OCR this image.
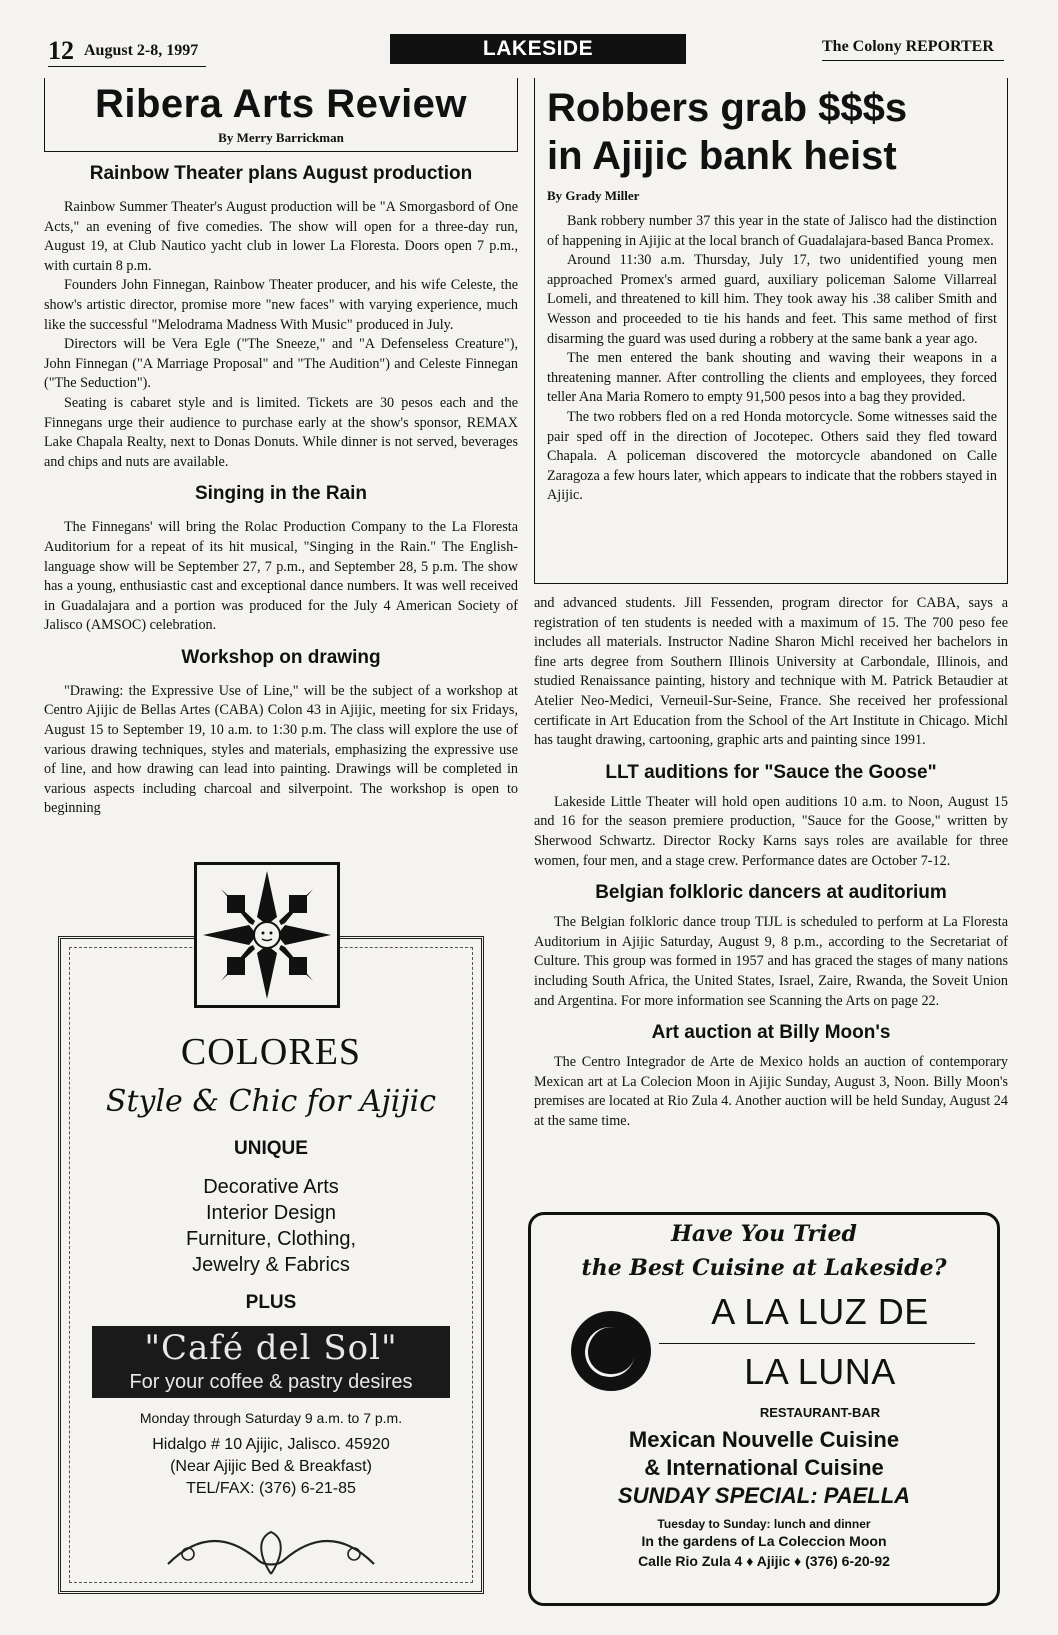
12 August 2-8, 1997	LAKESIDE	The Colony REPORTER
Ribera Arts Review
By Merry Barrickman
Rainbow Theater plans August production

Rainbow Summer Theater's August production will be "A Smorgasbord of One Acts," an evening of five comedies. The show will open for a three-day run, August 19, at Club Nautico yacht club in lower La Floresta. Doors open 7 p.m., with curtain 8 p.m.

Founders John Finnegan, Rainbow Theater producer, and his wife Celeste, the show's artistic director, promise more "new faces" with varying experience, much like the successful "Melodrama Madness With Music" produced in July.

Directors will be Vera Egle ("The Sneeze," and "A Defenseless Creature"), John Finnegan ("A Marriage Proposal" and "The Audition") and Celeste Finnegan ("The Seduction").

Seating is cabaret style and is limited. Tickets are 30 pesos each and the Finnegans urge their audience to purchase early at the show's sponsor, REMAX Lake Chapala Realty, next to Donas Donuts. While dinner is not served, beverages and chips and nuts are available.

Singing in the Rain

The Finnegans' will bring the Rolac Production Company to the La Floresta Auditorium for a repeat of its hit musical, "Singing in the Rain." The English-language show will be September 27, 7 p.m., and September 28, 5 p.m. The show has a young, enthusiastic cast and exceptional dance numbers. It was well received in Guadalajara and a portion was produced for the July 4 American Society of Jalisco (AMSOC) celebration.

Workshop on drawing

"Drawing: the Expressive Use of Line," will be the subject of a workshop at Centro Ajijic de Bellas Artes (CABA) Colon 43 in Ajijic, meeting for six Fridays, August 15 to September 19, 10 a.m. to 1:30 p.m. The class will explore the use of various drawing techniques, styles and materials, emphasizing the expressive use of line, and how drawing can lead into painting. Drawings will be completed in various aspects including charcoal and silverpoint. The workshop is open to beginning

Robbers grab $$$s
in Ajijic bank heist
By Grady Miller

Bank robbery number 37 this year in the state of Jalisco had the distinction of happening in Ajijic at the local branch of Guadalajara-based Banca Promex.

Around 11:30 a.m. Thursday, July 17, two unidentified young men approached Promex's armed guard, auxiliary policeman Salome Villarreal Lomeli, and threatened to kill him. They took away his .38 caliber Smith and Wesson and proceeded to tie his hands and feet. This same method of first disarming the guard was used during a robbery at the same bank a year ago.

The men entered the bank shouting and waving their weapons in a threatening manner. After controlling the clients and employees, they forced teller Ana Maria Romero to empty 91,500 pesos into a bag they provided.

The two robbers fled on a red Honda motorcycle. Some witnesses said the pair sped off in the direction of Jocotepec. Others said they fled toward Chapala. A policeman discovered the motorcycle abandoned on Calle Zaragoza a few hours later, which appears to indicate that the robbers stayed in Ajijic.

and advanced students. Jill Fessenden, program director for CABA, says a registration of ten students is needed with a maximum of 15. The 700 peso fee includes all materials. Instructor Nadine Sharon Michl received her bachelors in fine arts degree from Southern Illinois University at Carbondale, Illinois, and studied Renaissance painting, history and technique with M. Patrick Betaudier at Atelier Neo-Medici, Verneuil-Sur-Seine, France. She received her professional certificate in Art Education from the School of the Art Institute in Chicago. Michl has taught drawing, cartooning, graphic arts and painting since 1991.

LLT auditions for "Sauce the Goose"

Lakeside Little Theater will hold open auditions 10 a.m. to Noon, August 15 and 16 for the season premiere production, "Sauce for the Goose," written by Sherwood Schwartz. Director Rocky Karns says roles are available for three women, four men, and a stage crew. Performance dates are October 7-12.

Belgian folkloric dancers at auditorium

The Belgian folkloric dance troup TIJL is scheduled to perform at La Floresta Auditorium in Ajijic Saturday, August 9, 8 p.m., according to the Secretariat of Culture. This group was formed in 1957 and has graced the stages of many nations including South Africa, the United States, Israel, Zaire, Rwanda, the Soveit Union and Argentina. For more information see Scanning the Arts on page 22.

Art auction at Billy Moon's

The Centro Integrador de Arte de Mexico holds an auction of contemporary Mexican art at La Colecion Moon in Ajijic Sunday, August 3, Noon. Billy Moon's premises are located at Rio Zula 4. Another auction will be held Sunday, August 24 at the same time.

COLORES
Style & Chic for Ajijic
UNIQUE
Decorative Arts
Interior Design
Furniture, Clothing,
Jewelry & Fabrics
PLUS
"Café del Sol"
For your coffee & pastry desires
Monday through Saturday 9 a.m. to 7 p.m.
Hidalgo # 10 Ajijic, Jalisco. 45920
(Near Ajijic Bed & Breakfast)
TEL/FAX: (376) 6-21-85
Have You Tried
the Best Cuisine at Lakeside?
A LA LUZ DE
LA LUNA
RESTAURANT-BAR
Mexican Nouvelle Cuisine
& International Cuisine
SUNDAY SPECIAL: PAELLA
Tuesday to Sunday: lunch and dinner
In the gardens of La Coleccion Moon
Calle Rio Zula 4 ♦ Ajijic ♦ (376) 6-20-92
